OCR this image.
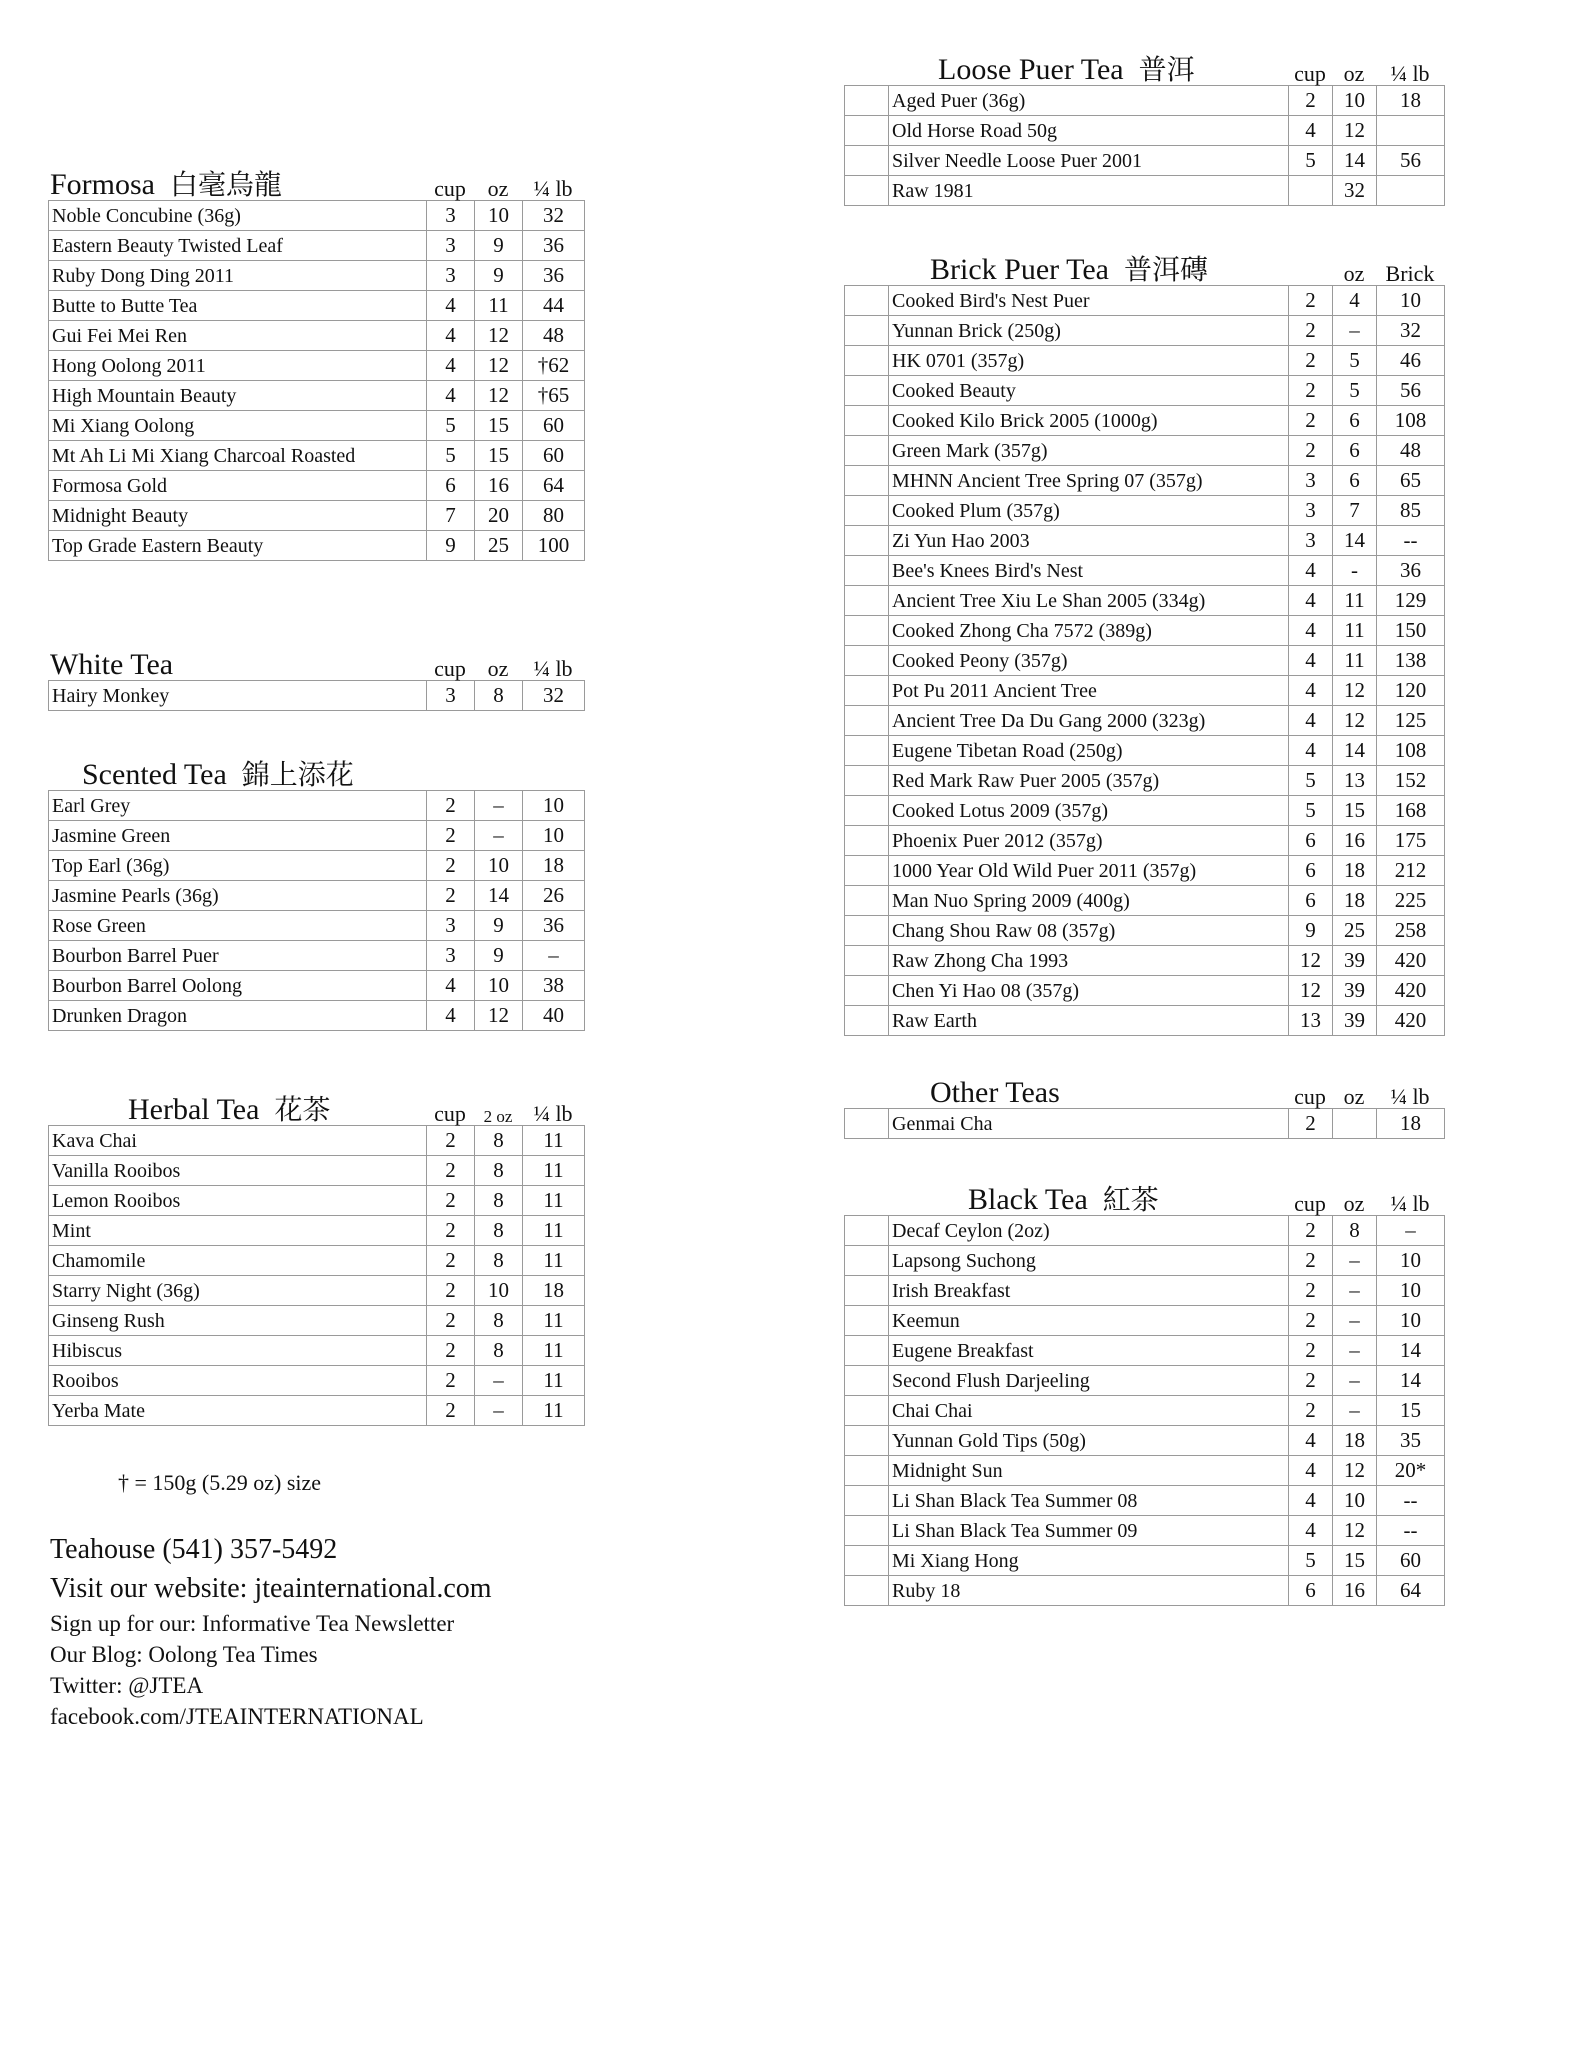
Formosa 白毫烏龍	cup oz	¼ lb
Noble Concubine (36g)	3	10	32
Eastern Beauty Twisted Leaf	3	9	36
Ruby Dong Ding 2011	3	9	36
Butte to Butte Tea	4	11	44
Gui Fei Mei Ren	4	12	48
Hong Oolong 2011	4	12	†62
High Mountain Beauty	4	12	†65
Mi Xiang Oolong	5	15	60
Mt Ah Li Mi Xiang Charcoal Roasted	5	15	60
Formosa Gold	6	16	64
Midnight Beauty	7	20	80
Top Grade Eastern Beauty	9	25	100
White Tea	cup oz	¼ lb
Hairy Monkey	3	8	32
Scented Tea 錦上添花
Earl Grey	2	–	10
Jasmine Green	2	–	10
Top Earl (36g)	2	10	18
Jasmine Pearls (36g)	2	14	26
Rose Green	3	9	36
Bourbon Barrel Puer	3	9	–
Bourbon Barrel Oolong	4	10	38
Drunken Dragon	4	12	40
Herbal Tea 花茶	cup	2 oz ¼ lb
Kava Chai	2	8	11
Vanilla Rooibos	2	8	11
Lemon Rooibos	2	8	11
Mint	2	8	11
Chamomile	2	8	11
Starry Night (36g)	2	10	18
Ginseng Rush	2	8	11
Hibiscus	2	8	11
Rooibos	2	–	11
Yerba Mate	2	–	11
Loose Puer Tea 普洱	cup oz	¼ lb
	Aged Puer (36g)	2	10	18
	Old Horse Road 50g	4	12	
	Silver Needle Loose Puer 2001	5	14	56
	Raw 1981		32	
Brick Puer Tea 普洱磚	oz Brick
	Cooked Bird's Nest Puer	2	4	10
	Yunnan Brick (250g)	2	–	32
	HK 0701 (357g)	2	5	46
	Cooked Beauty	2	5	56
	Cooked Kilo Brick 2005 (1000g)	2	6	108
	Green Mark (357g)	2	6	48
	MHNN Ancient Tree Spring 07 (357g)	3	6	65
	Cooked Plum (357g)	3	7	85
	Zi Yun Hao 2003	3	14	--
	Bee's Knees Bird's Nest	4	-	36
	Ancient Tree Xiu Le Shan 2005 (334g)	4	11	129
	Cooked Zhong Cha 7572 (389g)	4	11	150
	Cooked Peony (357g)	4	11	138
	Pot Pu 2011 Ancient Tree	4	12	120
	Ancient Tree Da Du Gang 2000 (323g)	4	12	125
	Eugene Tibetan Road (250g)	4	14	108
	Red Mark Raw Puer 2005 (357g)	5	13	152
	Cooked Lotus 2009 (357g)	5	15	168
	Phoenix Puer 2012 (357g)	6	16	175
	1000 Year Old Wild Puer 2011 (357g)	6	18	212
	Man Nuo Spring 2009 (400g)	6	18	225
	Chang Shou Raw 08 (357g)	9	25	258
	Raw Zhong Cha 1993	12	39	420
	Chen Yi Hao 08 (357g)	12	39	420
	Raw Earth	13	39	420
Other Teas	cup oz	¼ lb
	Genmai Cha	2		18
Black Tea 紅茶	cup oz	¼ lb
	Decaf Ceylon (2oz)	2	8	–
	Lapsong Suchong	2	–	10
	Irish Breakfast	2	–	10
	Keemun	2	–	10
	Eugene Breakfast	2	–	14
	Second Flush Darjeeling	2	–	14
	Chai Chai	2	–	15
	Yunnan Gold Tips (50g)	4	18	35
	Midnight Sun	4	12	20*
	Li Shan Black Tea Summer 08	4	10	--
	Li Shan Black Tea Summer 09	4	12	--
	Mi Xiang Hong	5	15	60
	Ruby 18	6	16	64
† = 150g (5.29 oz) size
Teahouse (541) 357-5492
Visit our website: jteainternational.com
Sign up for our: Informative Tea Newsletter
Our Blog: Oolong Tea Times
Twitter: @JTEA
facebook.com/JTEAINTERNATIONAL
